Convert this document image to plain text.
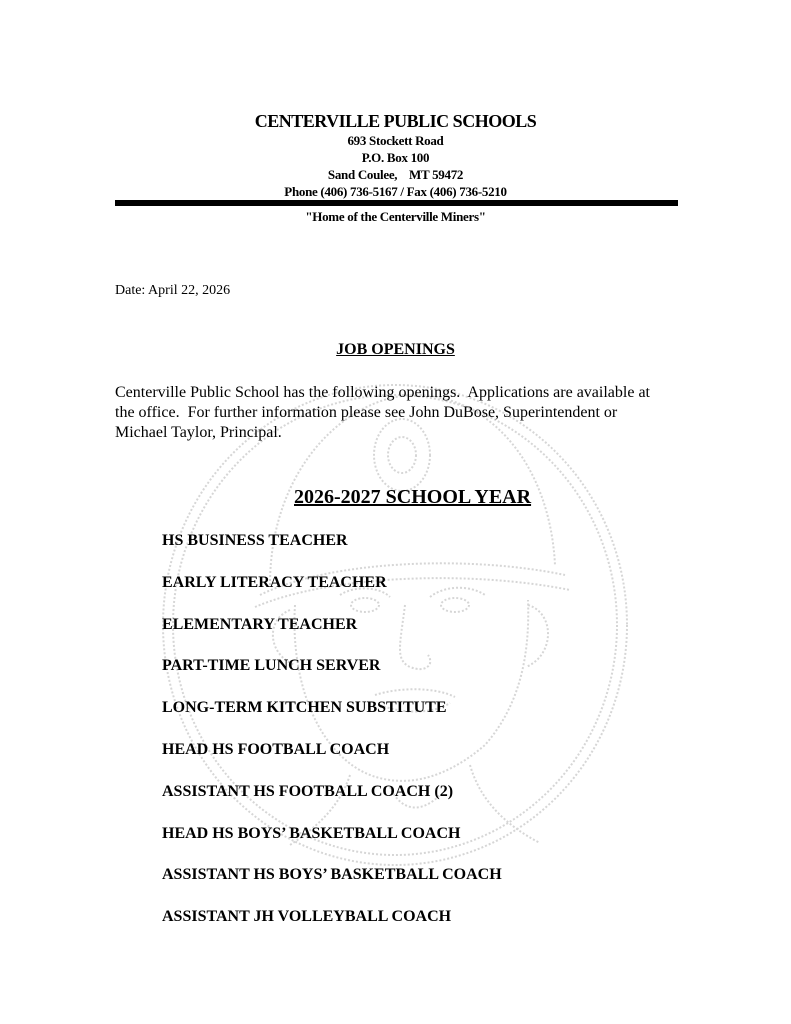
CENTERVILLE PUBLIC SCHOOLS
693 Stockett Road
P.O. Box 100
Sand Coulee,    MT 59472
Phone (406) 736-5167 / Fax (406) 736-5210
"Home of the Centerville Miners"
Date: April 22, 2026
JOB OPENINGS
Centerville Public School has the following openings.  Applications are available at the office.  For further information please see John DuBose, Superintendent or Michael Taylor, Principal.
2026-2027 SCHOOL YEAR
HS BUSINESS TEACHER
EARLY LITERACY TEACHER
ELEMENTARY TEACHER
PART-TIME LUNCH SERVER
LONG-TERM KITCHEN SUBSTITUTE
HEAD HS FOOTBALL COACH
ASSISTANT HS FOOTBALL COACH (2)
HEAD HS BOYS’ BASKETBALL COACH
ASSISTANT HS BOYS’ BASKETBALL COACH
ASSISTANT JH VOLLEYBALL COACH
